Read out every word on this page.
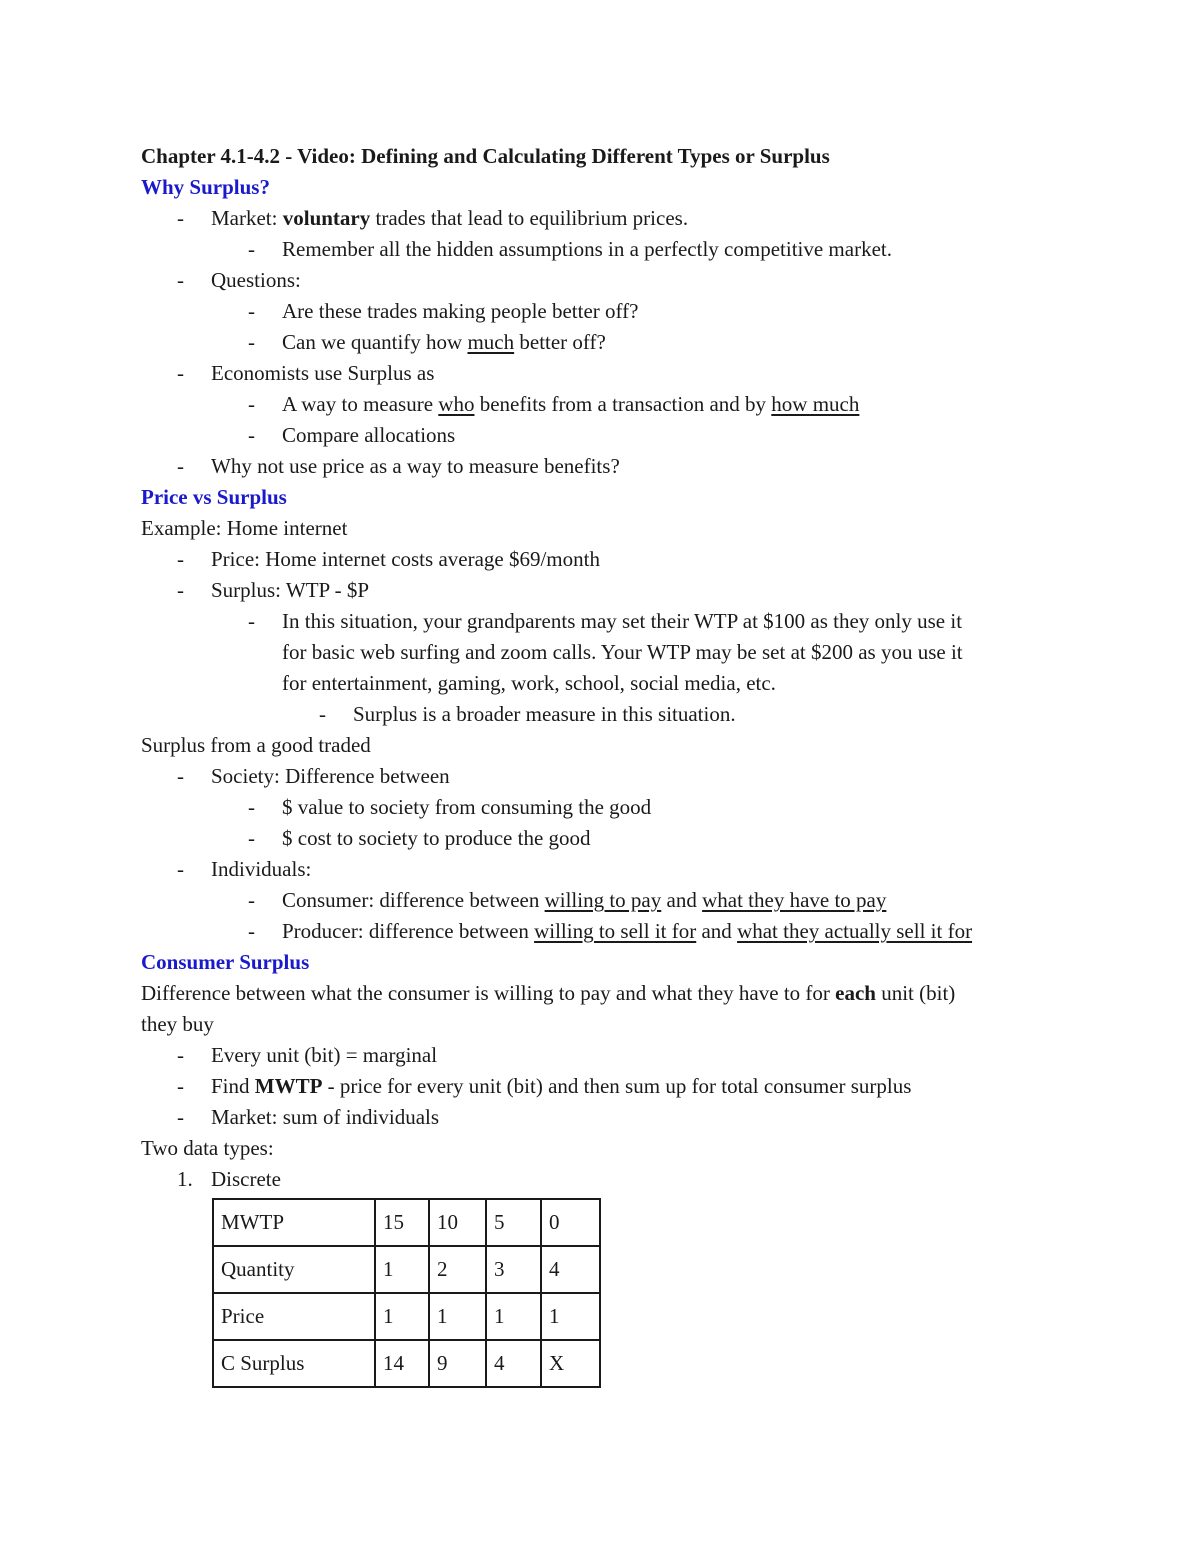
Chapter 4.1-4.2 - Video: Defining and Calculating Different Types or Surplus
Why Surplus?
- Market: voluntary trades that lead to equilibrium prices.
- Remember all the hidden assumptions in a perfectly competitive market.
- Questions:
- Are these trades making people better off?
- Can we quantify how much better off?
- Economists use Surplus as
- A way to measure who benefits from a transaction and by how much
- Compare allocations
- Why not use price as a way to measure benefits?
Price vs Surplus
Example: Home internet
- Price: Home internet costs average $69/month
- Surplus: WTP - $P
- In this situation, your grandparents may set their WTP at $100 as they only use it
for basic web surfing and zoom calls. Your WTP may be set at $200 as you use it
for entertainment, gaming, work, school, social media, etc.
- Surplus is a broader measure in this situation.
Surplus from a good traded
- Society: Difference between
- $ value to society from consuming the good
- $ cost to society to produce the good
- Individuals:
- Consumer: difference between willing to pay and what they have to pay
- Producer: difference between willing to sell it for and what they actually sell it for
Consumer Surplus
Difference between what the consumer is willing to pay and what they have to for each unit (bit)
they buy
- Every unit (bit) = marginal
- Find MWTP - price for every unit (bit) and then sum up for total consumer surplus
- Market: sum of individuals
Two data types:
1. Discrete
MWTP	15	10	5	0
Quantity	1	2	3	4
Price	1	1	1	1
C Surplus	14	9	4	X
